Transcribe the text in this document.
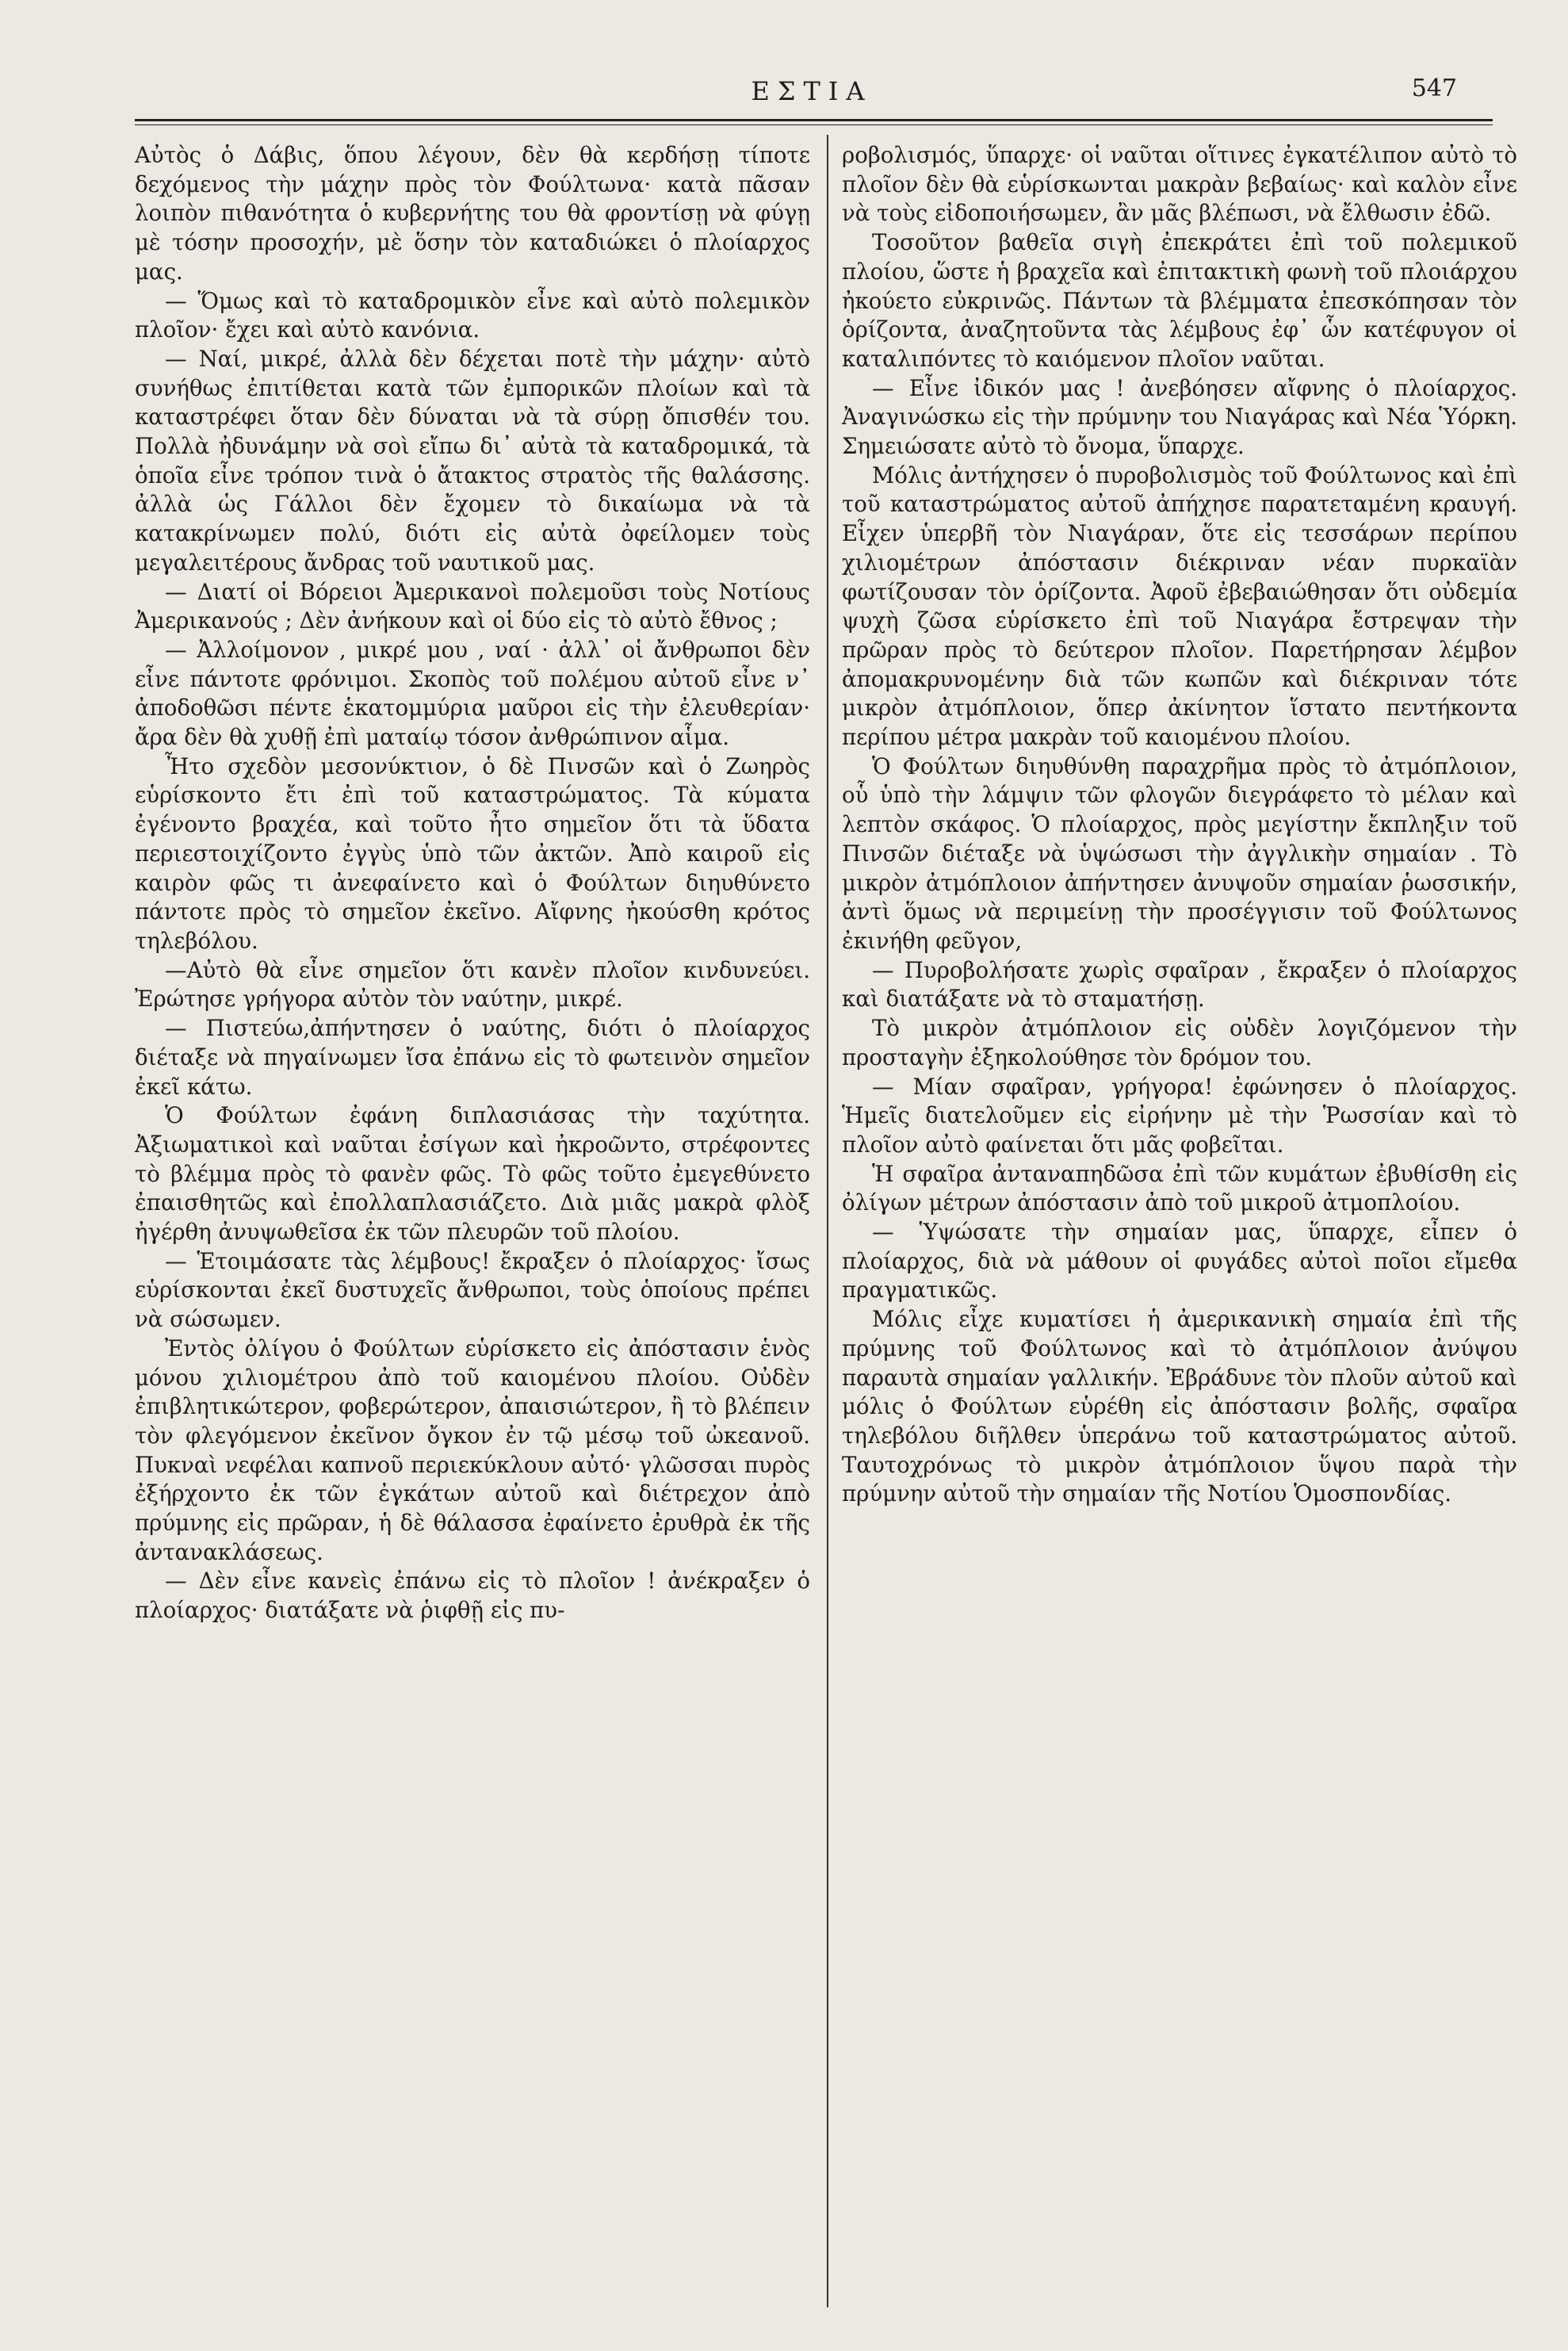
ΕΣΤΙΑ	547

Αὐτὸς ὁ Δάβις, ὅπου λέγουν, δὲν θὰ κερδήσῃ τίποτε δεχόμενος τὴν μάχην πρὸς τὸν Φούλτωνα· κατὰ πᾶσαν λοιπὸν πιθανότητα ὁ κυβερνήτης του θὰ φροντίσῃ νὰ φύγῃ μὲ τόσην προσοχήν, μὲ ὅσην τὸν καταδιώκει ὁ πλοίαρχος μας.

— Ὅμως καὶ τὸ καταδρομικὸν εἶνε καὶ αὐτὸ πολεμικὸν πλοῖον· ἔχει καὶ αὐτὸ κανόνια.

— Ναί, μικρέ, ἀλλὰ δὲν δέχεται ποτὲ τὴν μάχην· αὐτὸ συνήθως ἐπιτίθεται κατὰ τῶν ἐμπορικῶν πλοίων καὶ τὰ καταστρέφει ὅταν δὲν δύναται νὰ τὰ σύρῃ ὄπισθέν του. Πολλὰ ἠδυνάμην νὰ σοὶ εἴπω δι᾿ αὐτὰ τὰ καταδρομικά, τὰ ὁποῖα εἶνε τρόπον τινὰ ὁ ἄτακτος στρατὸς τῆς θαλάσσης. ἀλλὰ ὡς Γάλλοι δὲν ἔχομεν τὸ δικαίωμα νὰ τὰ κατακρίνωμεν πολύ, διότι εἰς αὐτὰ ὀφείλομεν τοὺς μεγαλειτέρους ἄνδρας τοῦ ναυτικοῦ μας.

— Διατί οἱ Βόρειοι Ἀμερικανοὶ πολεμοῦσι τοὺς Νοτίους Ἀμερικανούς ; Δὲν ἀνήκουν καὶ οἱ δύο εἰς τὸ αὐτὸ ἔθνος ;

— Ἀλλοίμονον , μικρέ μου , ναί · ἀλλ᾿ οἱ ἄνθρωποι δὲν εἶνε πάντοτε φρόνιμοι. Σκοπὸς τοῦ πολέμου αὐτοῦ εἶνε ν᾿ ἀποδοθῶσι πέντε ἑκατομμύρια μαῦροι εἰς τὴν ἐλευθερίαν· ἄρα δὲν θὰ χυθῇ ἐπὶ ματαίῳ τόσον ἀνθρώπινον αἷμα.

Ἦτο σχεδὸν μεσονύκτιον, ὁ δὲ Πινσῶν καὶ ὁ Ζωηρὸς εὑρίσκοντο ἔτι ἐπὶ τοῦ καταστρώματος. Τὰ κύματα ἐγένοντο βραχέα, καὶ τοῦτο ἦτο σημεῖον ὅτι τὰ ὕδατα περιεστοιχίζοντο ἐγγὺς ὑπὸ τῶν ἀκτῶν. Ἀπὸ καιροῦ εἰς καιρὸν φῶς τι ἀνεφαίνετο καὶ ὁ Φούλτων διηυθύνετο πάντοτε πρὸς τὸ σημεῖον ἐκεῖνο. Αἴφνης ἠκούσθη κρότος τηλεβόλου.

—Αὐτὸ θὰ εἶνε σημεῖον ὅτι κανὲν πλοῖον κινδυνεύει. Ἐρώτησε γρήγορα αὐτὸν τὸν ναύτην, μικρέ.

— Πιστεύω,ἀπήντησεν ὁ ναύτης, διότι ὁ πλοίαρχος διέταξε νὰ πηγαίνωμεν ἴσα ἐπάνω εἰς τὸ φωτεινὸν σημεῖον ἐκεῖ κάτω.

Ὁ Φούλτων ἐφάνη διπλασιάσας τὴν ταχύτητα. Ἀξιωματικοὶ καὶ ναῦται ἐσίγων καὶ ἠκροῶντο, στρέφοντες τὸ βλέμμα πρὸς τὸ φανὲν φῶς. Τὸ φῶς τοῦτο ἐμεγεθύνετο ἐπαισθητῶς καὶ ἐπολλαπλασιάζετο. Διὰ μιᾶς μακρὰ φλὸξ ἠγέρθη ἀνυψωθεῖσα ἐκ τῶν πλευρῶν τοῦ πλοίου.

— Ἑτοιμάσατε τὰς λέμβους! ἔκραξεν ὁ πλοίαρχος· ἴσως εὑρίσκονται ἐκεῖ δυστυχεῖς ἄνθρωποι, τοὺς ὁποίους πρέπει νὰ σώσωμεν.

Ἐντὸς ὀλίγου ὁ Φούλτων εὑρίσκετο εἰς ἀπόστασιν ἑνὸς μόνου χιλιομέτρου ἀπὸ τοῦ καιομένου πλοίου. Οὐδὲν ἐπιβλητικώτερον, φοβερώτερον, ἀπαισιώτερον, ἢ τὸ βλέπειν τὸν φλεγόμενον ἐκεῖνον ὄγκον ἐν τῷ μέσῳ τοῦ ὠκεανοῦ. Πυκναὶ νεφέλαι καπνοῦ περιεκύκλουν αὐτό· γλῶσσαι πυρὸς ἐξήρχοντο ἐκ τῶν ἐγκάτων αὐτοῦ καὶ διέτρεχον ἀπὸ πρύμνης εἰς πρῶραν, ἡ δὲ θάλασσα ἐφαίνετο ἐρυθρὰ ἐκ τῆς ἀντανακλάσεως.

— Δὲν εἶνε κανεὶς ἐπάνω εἰς τὸ πλοῖον ! ἀνέκραξεν ὁ πλοίαρχος· διατάξατε νὰ ῥιφθῇ εἰς πυ-

ροβολισμός, ὕπαρχε· οἱ ναῦται οἵτινες ἐγκατέλιπον αὐτὸ τὸ πλοῖον δὲν θὰ εὑρίσκωνται μακρὰν βεβαίως· καὶ καλὸν εἶνε νὰ τοὺς εἰδοποιήσωμεν, ἂν μᾶς βλέπωσι, νὰ ἔλθωσιν ἐδῶ.

Τοσοῦτον βαθεῖα σιγὴ ἐπεκράτει ἐπὶ τοῦ πολεμικοῦ πλοίου, ὥστε ἡ βραχεῖα καὶ ἐπιτακτικὴ φωνὴ τοῦ πλοιάρχου ἠκούετο εὐκρινῶς. Πάντων τὰ βλέμματα ἐπεσκόπησαν τὸν ὁρίζοντα, ἀναζητοῦντα τὰς λέμβους ἐφ᾿ ὧν κατέφυγον οἱ καταλιπόντες τὸ καιόμενον πλοῖον ναῦται.

— Εἶνε ἰδικόν μας ! ἀνεβόησεν αἴφνης ὁ πλοίαρχος. Ἀναγινώσκω εἰς τὴν πρύμνην του Νιαγάρας καὶ Νέα Ὑόρκη. Σημειώσατε αὐτὸ τὸ ὄνομα, ὕπαρχε.

Μόλις ἀντήχησεν ὁ πυροβολισμὸς τοῦ Φούλτωνος καὶ ἐπὶ τοῦ καταστρώματος αὐτοῦ ἀπήχησε παρατεταμένη κραυγή. Εἶχεν ὑπερβῆ τὸν Νιαγάραν, ὅτε εἰς τεσσάρων περίπου χιλιομέτρων ἀπόστασιν διέκριναν νέαν πυρκαϊὰν φωτίζουσαν τὸν ὁρίζοντα. Ἀφοῦ ἐβεβαιώθησαν ὅτι οὐδεμία ψυχὴ ζῶσα εὑρίσκετο ἐπὶ τοῦ Νιαγάρα ἔστρεψαν τὴν πρῶραν πρὸς τὸ δεύτερον πλοῖον. Παρετήρησαν λέμβον ἀπομακρυνομένην διὰ τῶν κωπῶν καὶ διέκριναν τότε μικρὸν ἀτμόπλοιον, ὅπερ ἀκίνητον ἵστατο πεντήκοντα περίπου μέτρα μακρὰν τοῦ καιομένου πλοίου.

Ὁ Φούλτων διηυθύνθη παραχρῆμα πρὸς τὸ ἀτμόπλοιον, οὗ ὑπὸ τὴν λάμψιν τῶν φλογῶν διεγράφετο τὸ μέλαν καὶ λεπτὸν σκάφος. Ὁ πλοίαρχος, πρὸς μεγίστην ἔκπληξιν τοῦ Πινσῶν διέταξε νὰ ὑψώσωσι τὴν ἀγγλικὴν σημαίαν . Τὸ μικρὸν ἀτμόπλοιον ἀπήντησεν ἀνυψοῦν σημαίαν ῥωσσικήν, ἀντὶ ὅμως νὰ περιμείνῃ τὴν προσέγγισιν τοῦ Φούλτωνος ἐκινήθη φεῦγον,

— Πυροβολήσατε χωρὶς σφαῖραν , ἔκραξεν ὁ πλοίαρχος καὶ διατάξατε νὰ τὸ σταματήσῃ.

Τὸ μικρὸν ἀτμόπλοιον εἰς οὐδὲν λογιζόμενον τὴν προσταγὴν ἐξηκολούθησε τὸν δρόμον του.

— Μίαν σφαῖραν, γρήγορα! ἐφώνησεν ὁ πλοίαρχος. Ἡμεῖς διατελοῦμεν εἰς εἰρήνην μὲ τὴν Ῥωσσίαν καὶ τὸ πλοῖον αὐτὸ φαίνεται ὅτι μᾶς φοβεῖται.

Ἡ σφαῖρα ἀνταναπηδῶσα ἐπὶ τῶν κυμάτων ἐβυθίσθη εἰς ὀλίγων μέτρων ἀπόστασιν ἀπὸ τοῦ μικροῦ ἀτμοπλοίου.

— Ὑψώσατε τὴν σημαίαν μας, ὕπαρχε, εἶπεν ὁ πλοίαρχος, διὰ νὰ μάθουν οἱ φυγάδες αὐτοὶ ποῖοι εἴμεθα πραγματικῶς.

Μόλις εἶχε κυματίσει ἡ ἀμερικανικὴ σημαία ἐπὶ τῆς πρύμνης τοῦ Φούλτωνος καὶ τὸ ἀτμόπλοιον ἀνύψου παραυτὰ σημαίαν γαλλικήν. Ἐβράδυνε τὸν πλοῦν αὐτοῦ καὶ μόλις ὁ Φούλτων εὑρέθη εἰς ἀπόστασιν βολῆς, σφαῖρα τηλεβόλου διῆλθεν ὑπεράνω τοῦ καταστρώματος αὐτοῦ. Ταυτοχρόνως τὸ μικρὸν ἀτμόπλοιον ὕψου παρὰ τὴν πρύμνην αὐτοῦ τὴν σημαίαν τῆς Νοτίου Ὁμοσπονδίας.
